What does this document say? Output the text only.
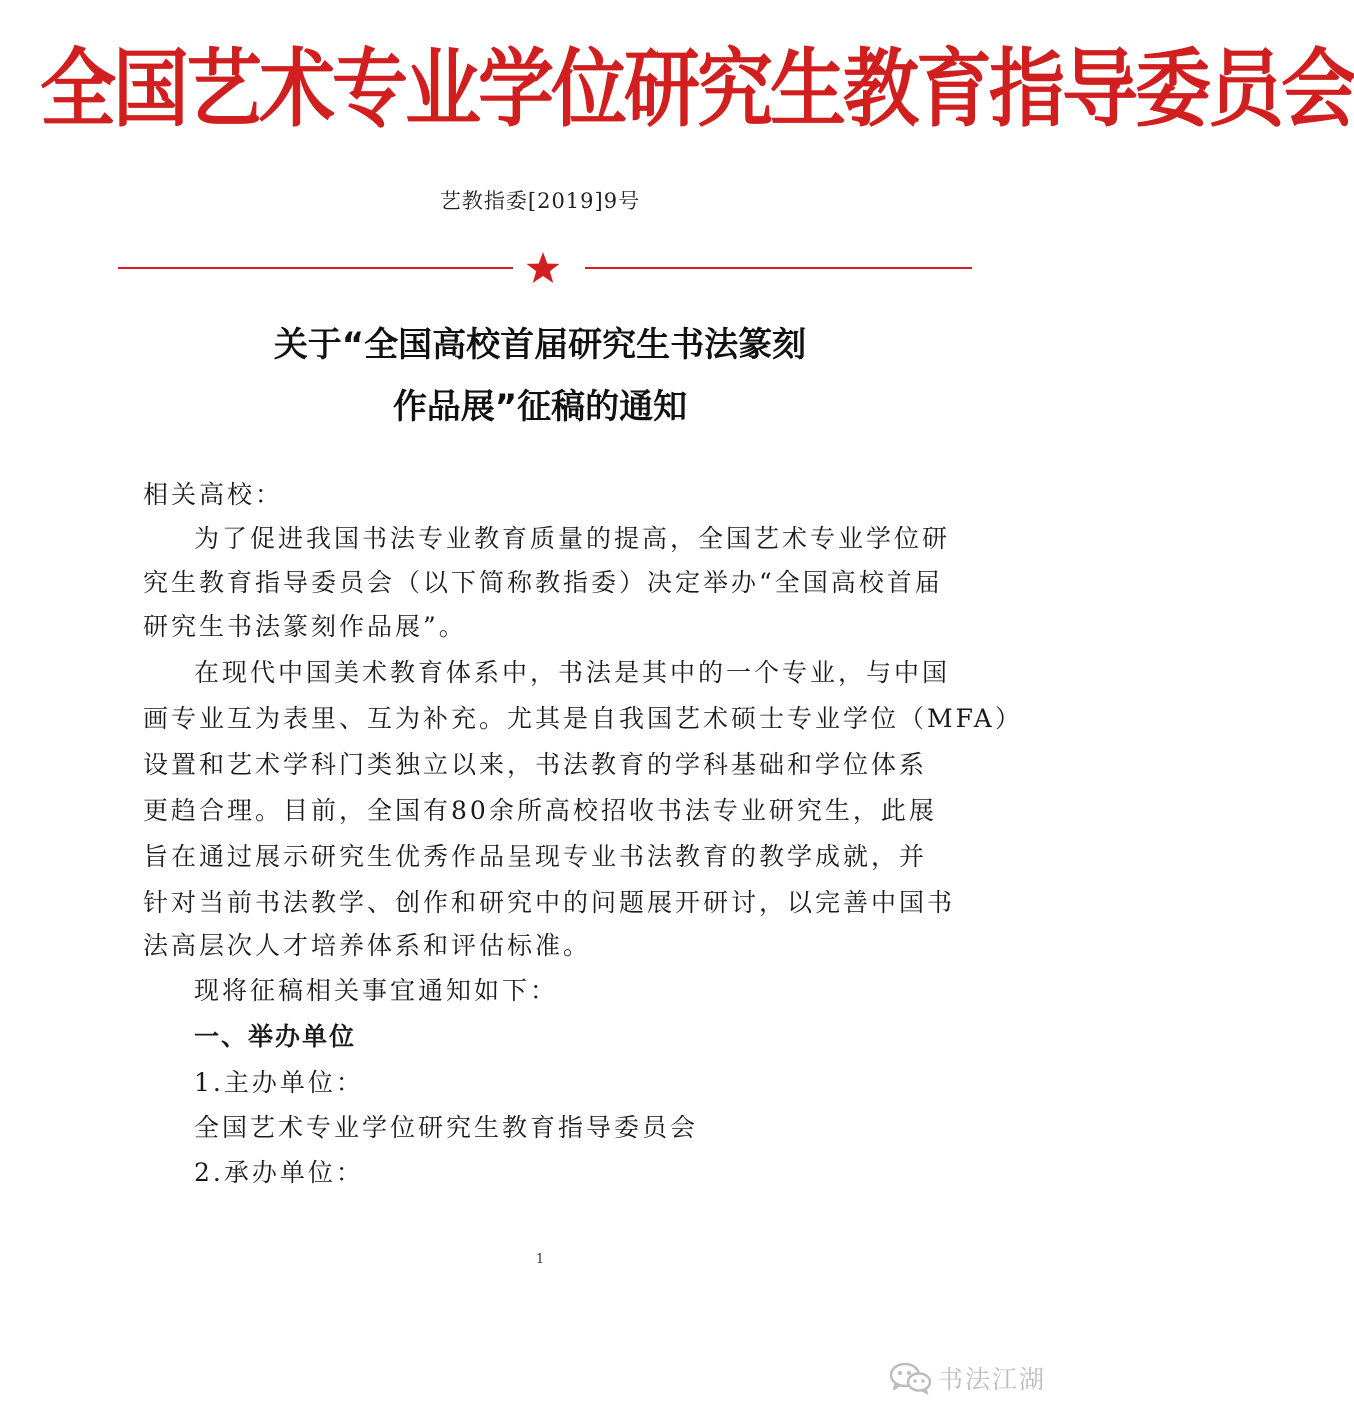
全国艺术专业学位研究生教育指导委员会
艺教指委[2019]9号
关于“全国高校首届研究生书法篆刻
作品展”征稿的通知
相关高校：
为了促进我国书法专业教育质量的提高，全国艺术专业学位研
究生教育指导委员会（以下简称教指委）决定举办“全国高校首届
研究生书法篆刻作品展”。
在现代中国美术教育体系中，书法是其中的一个专业，与中国
画专业互为表里、互为补充。尤其是自我国艺术硕士专业学位（MFA）
设置和艺术学科门类独立以来，书法教育的学科基础和学位体系
更趋合理。目前，全国有80余所高校招收书法专业研究生，此展
旨在通过展示研究生优秀作品呈现专业书法教育的教学成就，并
针对当前书法教学、创作和研究中的问题展开研讨，以完善中国书
法高层次人才培养体系和评估标准。
现将征稿相关事宜通知如下：
一、举办单位
1.主办单位：
全国艺术专业学位研究生教育指导委员会
2.承办单位：
1
书法江湖
